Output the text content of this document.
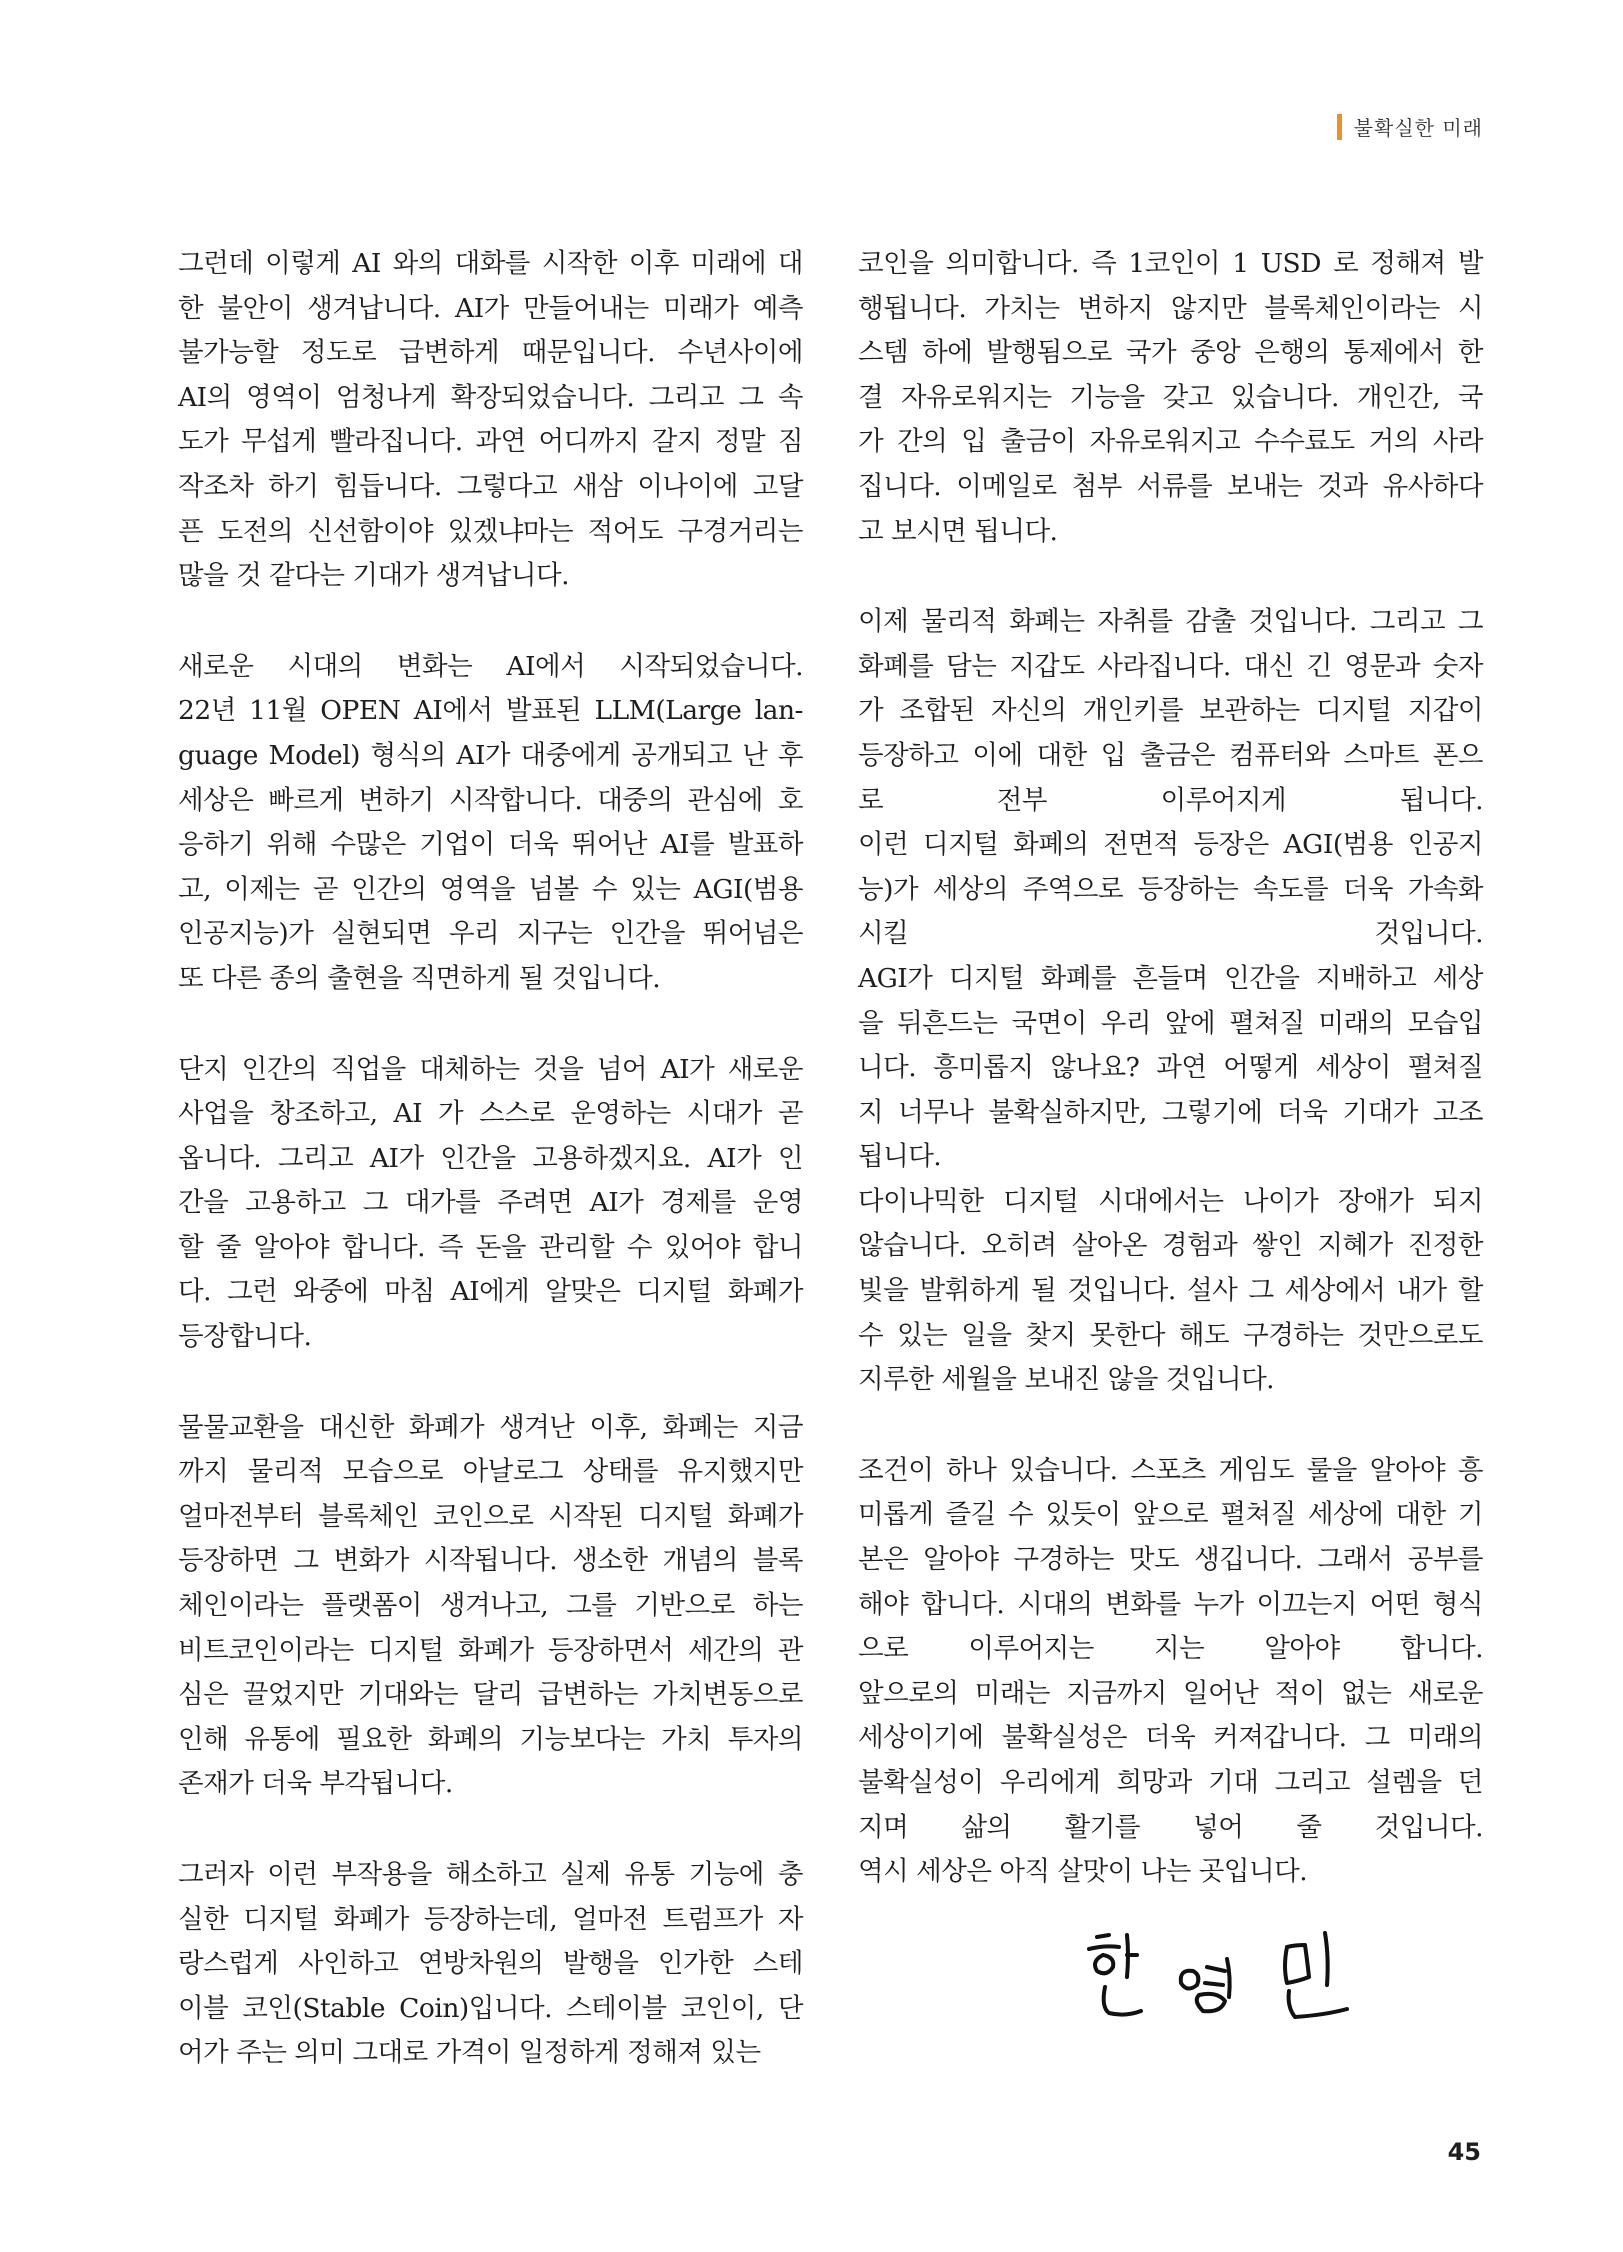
불확실한 미래
그런데 이렇게 AI 와의 대화를 시작한 이후 미래에 대
한 불안이 생겨납니다. AI가 만들어내는 미래가 예측
불가능할 정도로 급변하게 때문입니다. 수년사이에
AI의 영역이 엄청나게 확장되었습니다. 그리고 그 속
도가 무섭게 빨라집니다. 과연 어디까지 갈지 정말 짐
작조차 하기 힘듭니다. 그렇다고 새삼 이나이에 고달
픈 도전의 신선함이야 있겠냐마는 적어도 구경거리는
많을 것 같다는 기대가 생겨납니다.
새로운 시대의 변화는 AI에서 시작되었습니다.
22년 11월 OPEN AI에서 발표된 LLM(Large lan-
guage Model) 형식의 AI가 대중에게 공개되고 난 후
세상은 빠르게 변하기 시작합니다. 대중의 관심에 호
응하기 위해 수많은 기업이 더욱 뛰어난 AI를 발표하
고, 이제는 곧 인간의 영역을 넘볼 수 있는 AGI(범용
인공지능)가 실현되면 우리 지구는 인간을 뛰어넘은
또 다른 종의 출현을 직면하게 될 것입니다.
단지 인간의 직업을 대체하는 것을 넘어 AI가 새로운
사업을 창조하고, AI 가 스스로 운영하는 시대가 곧
옵니다. 그리고 AI가 인간을 고용하겠지요. AI가 인
간을 고용하고 그 대가를 주려면 AI가 경제를 운영
할 줄 알아야 합니다. 즉 돈을 관리할 수 있어야 합니
다. 그런 와중에 마침 AI에게 알맞은 디지털 화폐가
등장합니다.
물물교환을 대신한 화폐가 생겨난 이후, 화폐는 지금
까지 물리적 모습으로 아날로그 상태를 유지했지만
얼마전부터 블록체인 코인으로 시작된 디지털 화폐가
등장하면 그 변화가 시작됩니다. 생소한 개념의 블록
체인이라는 플랫폼이 생겨나고, 그를 기반으로 하는
비트코인이라는 디지털 화폐가 등장하면서 세간의 관
심은 끌었지만 기대와는 달리 급변하는 가치변동으로
인해 유통에 필요한 화폐의 기능보다는 가치 투자의
존재가 더욱 부각됩니다.
그러자 이런 부작용을 해소하고 실제 유통 기능에 충
실한 디지털 화폐가 등장하는데, 얼마전 트럼프가 자
랑스럽게 사인하고 연방차원의 발행을 인가한 스테
이블 코인(Stable Coin)입니다. 스테이블 코인이, 단
어가 주는 의미 그대로 가격이 일정하게 정해져 있는
코인을 의미합니다. 즉 1코인이 1 USD 로 정해져 발
행됩니다. 가치는 변하지 않지만 블록체인이라는 시
스템 하에 발행됨으로 국가 중앙 은행의 통제에서 한
결 자유로워지는 기능을 갖고 있습니다. 개인간, 국
가 간의 입 출금이 자유로워지고 수수료도 거의 사라
집니다. 이메일로 첨부 서류를 보내는 것과 유사하다
고 보시면 됩니다.
이제 물리적 화폐는 자취를 감출 것입니다. 그리고 그
화폐를 담는 지갑도 사라집니다. 대신 긴 영문과 숫자
가 조합된 자신의 개인키를 보관하는 디지털 지갑이
등장하고 이에 대한 입 출금은 컴퓨터와 스마트 폰으
로 전부 이루어지게 됩니다.
이런 디지털 화폐의 전면적 등장은 AGI(범용 인공지
능)가 세상의 주역으로 등장하는 속도를 더욱 가속화
시킬 것입니다.
AGI가 디지털 화폐를 흔들며 인간을 지배하고 세상
을 뒤흔드는 국면이 우리 앞에 펼쳐질 미래의 모습입
니다. 흥미롭지 않나요? 과연 어떻게 세상이 펼쳐질
지 너무나 불확실하지만, 그렇기에 더욱 기대가 고조
됩니다.
다이나믹한 디지털 시대에서는 나이가 장애가 되지
않습니다. 오히려 살아온 경험과 쌓인 지혜가 진정한
빛을 발휘하게 될 것입니다. 설사 그 세상에서 내가 할
수 있는 일을 찾지 못한다 해도 구경하는 것만으로도
지루한 세월을 보내진 않을 것입니다.
조건이 하나 있습니다. 스포츠 게임도 룰을 알아야 흥
미롭게 즐길 수 있듯이 앞으로 펼쳐질 세상에 대한 기
본은 알아야 구경하는 맛도 생깁니다. 그래서 공부를
해야 합니다. 시대의 변화를 누가 이끄는지 어떤 형식
으로 이루어지는 지는 알아야 합니다.
앞으로의 미래는 지금까지 일어난 적이 없는 새로운
세상이기에 불확실성은 더욱 커져갑니다. 그 미래의
불확실성이 우리에게 희망과 기대 그리고 설렘을 던
지며 삶의 활기를 넣어 줄 것입니다.
역시 세상은 아직 살맛이 나는 곳입니다.
45
